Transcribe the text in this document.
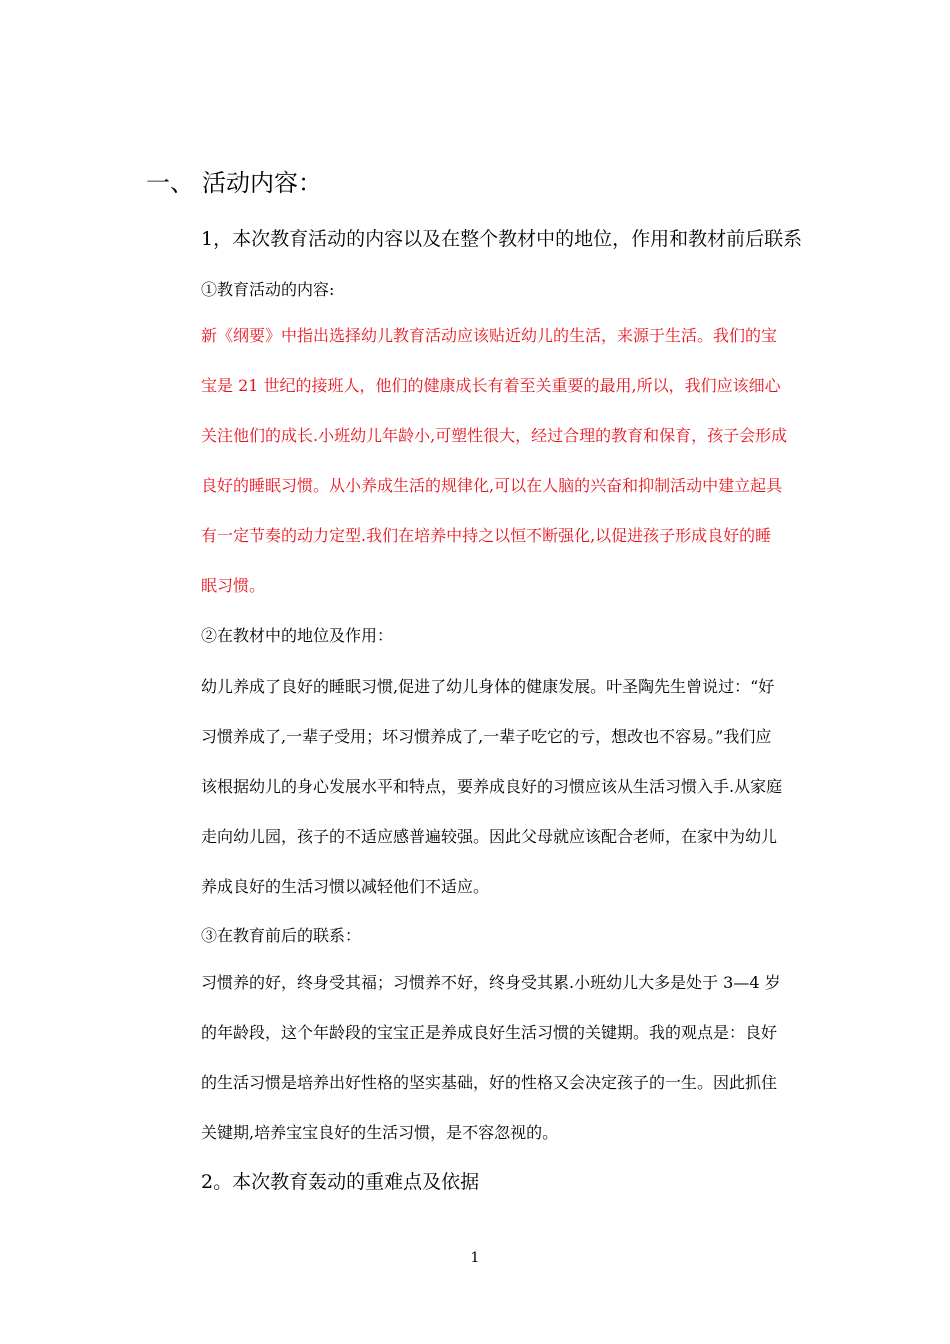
一、 活动内容：
1，本次教育活动的内容以及在整个教材中的地位，作用和教材前后联系
①教育活动的内容:
新《纲要》中指出选择幼儿教育活动应该贴近幼儿的生活，来源于生活。我们的宝
宝是 21 世纪的接班人，他们的健康成长有着至关重要的最用,所以，我们应该细心
关注他们的成长.小班幼儿年龄小,可塑性很大，经过合理的教育和保育，孩子会形成
良好的睡眠习惯。从小养成生活的规律化,可以在人脑的兴奋和抑制活动中建立起具
有一定节奏的动力定型.我们在培养中持之以恒不断强化,以促进孩子形成良好的睡
眠习惯。
②在教材中的地位及作用：
幼儿养成了良好的睡眠习惯,促进了幼儿身体的健康发展。叶圣陶先生曾说过：“好
习惯养成了,一辈子受用；坏习惯养成了,一辈子吃它的亏，想改也不容易。”我们应
该根据幼儿的身心发展水平和特点，要养成良好的习惯应该从生活习惯入手.从家庭
走向幼儿园，孩子的不适应感普遍较强。因此父母就应该配合老师，在家中为幼儿
养成良好的生活习惯以减轻他们不适应。
③在教育前后的联系：
习惯养的好，终身受其福；习惯养不好，终身受其累.小班幼儿大多是处于 3—4 岁
的年龄段，这个年龄段的宝宝正是养成良好生活习惯的关键期。我的观点是：良好
的生活习惯是培养出好性格的坚实基础，好的性格又会决定孩子的一生。因此抓住
关键期,培养宝宝良好的生活习惯，是不容忽视的。
2。本次教育轰动的重难点及依据
1
